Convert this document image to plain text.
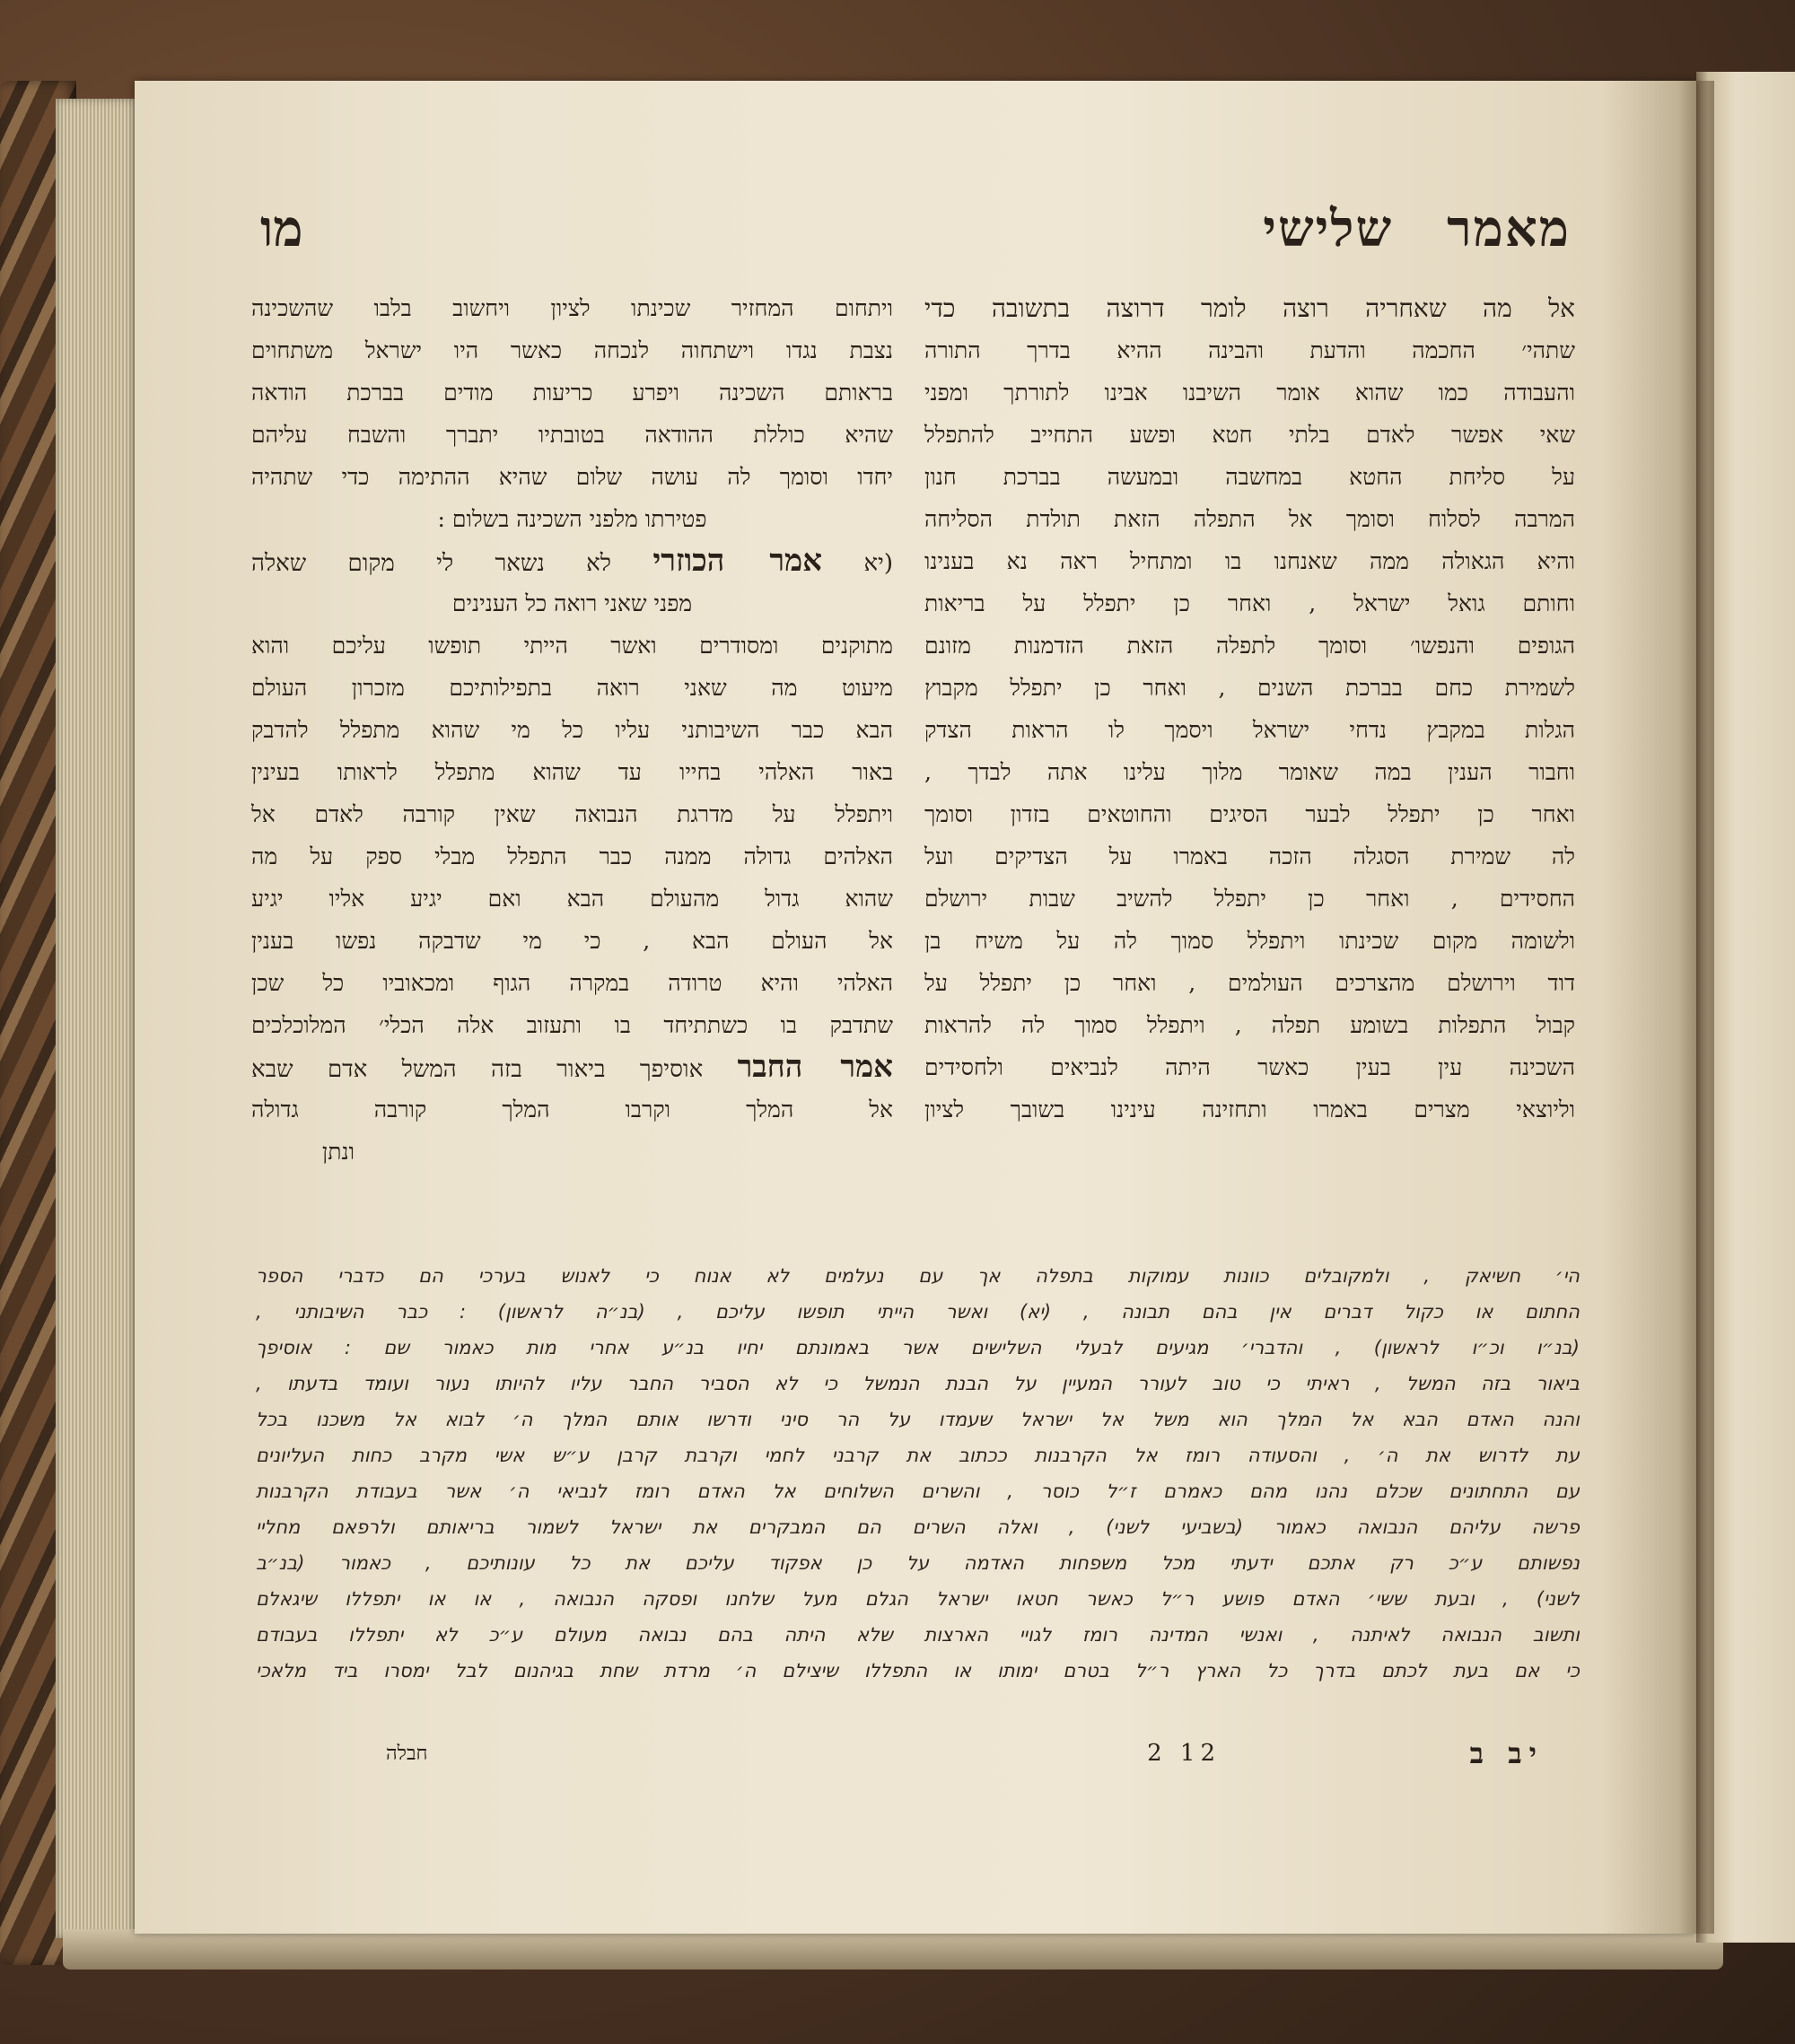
מו	מאמרשלישי
אל מה שאחריה רוצה לומר דרוצה בתשובה כדי
שתהי׳ החכמה והדעת והבינה ההיא בדרך התורה
והעבודה כמו שהוא אומר השיבנו אבינו לתורתך ומפני
שאי אפשר לאדם בלתי חטא ופשע התחייב להתפלל
על סליחת החטא במחשבה ובמעשה בברכת חנון
המרבה לסלוח וסומך אל התפלה הזאת תולדת הסליחה
והיא הגאולה ממה שאנחנו בו ומתחיל ראה נא בענינו
וחותם גואל ישראל , ואחר כן יתפלל על בריאות
הגופים והנפשו׳ וסומך לתפלה הזאת הזדמנות מזונם
לשמירת כחם בברכת השנים , ואחר כן יתפלל מקבוץ
הגלות במקבץ נדחי ישראל ויסמך לו הראות הצדק
וחבור הענין במה שאומר מלוך עלינו אתה לבדך ,
ואחר כן יתפלל לבער הסיגים והחוטאים בזדון וסומך
לה שמירת הסגלה הזכה באמרו על הצדיקים ועל
החסידים , ואחר כן יתפלל להשיב שבות ירושלם
ולשומה מקום שכינתו ויתפלל סמוך לה על משיח בן
דוד וירושלם מהצרכים העולמים , ואחר כן יתפלל על
קבול התפלות בשומע תפלה , ויתפלל סמוך לה להראות
השכינה עין בעין כאשר היתה לנביאים ולחסידים
וליוצאי מצרים באמרו ותחזינה עינינו בשובך לציון
ויתחום המחזיר שכינתו לציון ויחשוב בלבו שהשכינה
נצבת נגדו וישתחוה לנכחה כאשר היו ישראל משתחוים
בראותם השכינה ויפרע כריעות מודים בברכת הודאה
שהיא כוללת ההודאה בטובתיו יתברך והשבח עליהם
יחדו וסומך לה עושה שלום שהיא ההתימה כדי שתהיה
פטירתו מלפני השכינה בשלום :
(יא אמר הכוזרי לא נשאר לי מקום שאלה
מפני שאני רואה כל הענינים
מתוקנים ומסודרים ואשר הייתי תופשו עליכם והוא
מיעוט מה שאני רואה בתפילותיכם מזכרון העולם
הבא כבר השיבותני עליו כל מי שהוא מתפלל להדבק
באור האלהי בחייו עד שהוא מתפלל לראותו בעינין
ויתפלל על מדרגת הנבואה שאין קורבה לאדם אל
האלהים גדולה ממנה כבר התפלל מבלי ספק על מה
שהוא גדול מהעולם הבא ואם יגיע אליו יגיע
אל העולם הבא , כי מי שדבקה נפשו בענין
האלהי והיא טרודה במקרה הגוף ומכאוביו כל שכן
שתדבק בו כשתתיחד בו ותעזוב אלה הכלי׳ המלוכלכים
אמר החבר אוסיפך ביאור בזה המשל אדם שבא
אל המלך וקרבו המלך קורבה גדולה
ונתן
הי׳ חשיאק , ולמקובלים כוונות עמוקות בתפלה אך עם נעלמים לא אנוח כי לאנוש בערכי הם כדברי הספר
החתום או כקול דברים אין בהם תבונה , (יא) ואשר הייתי תופשו עליכם , (בנ״ה לראשון) : כבר השיבותני ,
(בנ״ו וכ״ו לראשון) , והדברי׳ מגיעים לבעלי השלישים אשר באמונתם יחיו בנ״ע אחרי מות כאמור שם : אוסיפך
ביאור בזה המשל , ראיתי כי טוב לעורר המעיין על הבנת הנמשל כי לא הסביר החבר עליו להיותו נעור ועומד בדעתו ,
והנה האדם הבא אל המלך הוא משל אל ישראל שעמדו על הר סיני ודרשו אותם המלך ה׳ לבוא אל משכנו בכל
עת לדרוש את ה׳ , והסעודה רומז אל הקרבנות ככתוב את קרבני לחמי וקרבת קרבן ע״ש אשי מקרב כחות העליונים
עם התחתונים שכלם נהנו מהם כאמרם ז״ל כוסר , והשרים השלוחים אל האדם רומז לנביאי ה׳ אשר בעבודת הקרבנות
פרשה עליהם הנבואה כאמור (בשביעי לשני) , ואלה השרים הם המבקרים את ישראל לשמור בריאותם ולרפאם מחליי
נפשותם ע״כ רק אתכם ידעתי מכל משפחות האדמה על כן אפקוד עליכם את כל עונותיכם , כאמור (בנ״ב
לשני) , ובעת ששי׳ האדם פושע ר״ל כאשר חטאו ישראל הגלם מעל שלחנו ופסקה הנבואה , או או יתפללו שיגאלם
ותשוב הנבואה לאיתנה , ואנשי המדינה רומז לגויי הארצות שלא היתה בהם נבואה מעולם ע״כ לא יתפללו בעבודם
כי אם בעת לכתם בדרך כל הארץ ר״ל בטרם ימותו או התפללו שיצילם ה׳ מרדת שחת בגיהנום לבל ימסרו ביד מלאכי
יב ב
2 12
חבלה
